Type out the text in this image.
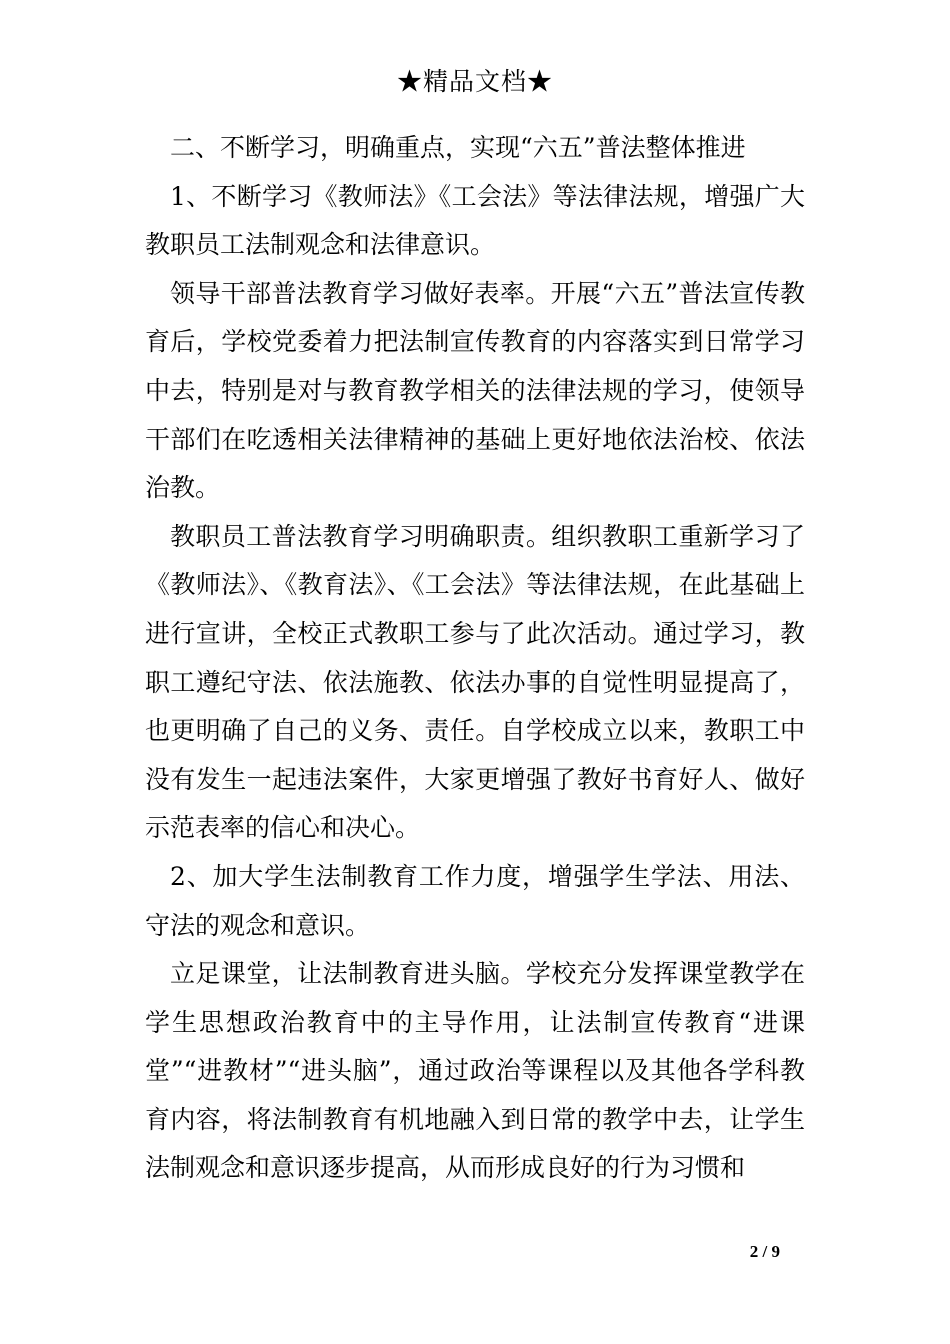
★精品文档★

二、不断学习，明确重点，实现“六五”普法整体推进

1、不断学习《教师法》《工会法》等法律法规，增强广大教职员工法制观念和法律意识。

领导干部普法教育学习做好表率。开展“六五”普法宣传教育后，学校党委着力把法制宣传教育的内容落实到日常学习中去，特别是对与教育教学相关的法律法规的学习，使领导干部们在吃透相关法律精神的基础上更好地依法治校、依法治教。

教职员工普法教育学习明确职责。组织教职工重新学习了《教师法》、《教育法》、《工会法》等法律法规，在此基础上进行宣讲，全校正式教职工参与了此次活动。通过学习，教职工遵纪守法、依法施教、依法办事的自觉性明显提高了，也更明确了自己的义务、责任。自学校成立以来，教职工中没有发生一起违法案件，大家更增强了教好书育好人、做好示范表率的信心和决心。

2、加大学生法制教育工作力度，增强学生学法、用法、守法的观念和意识。

立足课堂，让法制教育进头脑。学校充分发挥课堂教学在学生思想政治教育中的主导作用，让法制宣传教育“进课堂”“进教材”“进头脑”，通过政治等课程以及其他各学科教育内容，将法制教育有机地融入到日常的教学中去，让学生法制观念和意识逐步提高，从而形成良好的行为习惯和

2 / 9
